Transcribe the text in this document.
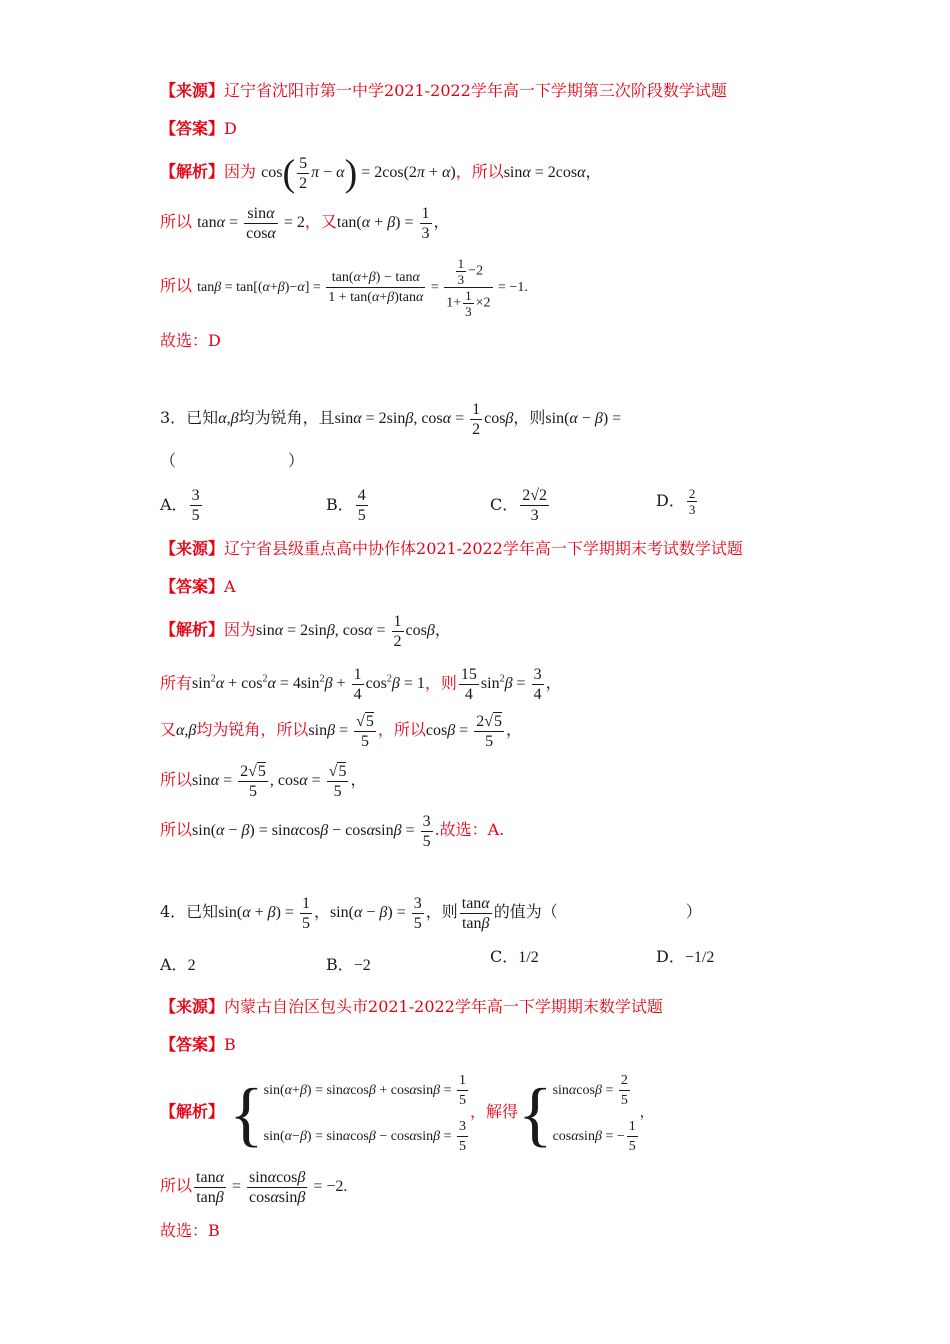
【来源】辽宁省沈阳市第一中学2021-2022学年高一下学期第三次阶段数学试题
【答案】D
【解析】因为 $\cos( \frac{5}{2}$ π − α) = 2cos(2π + α)，所以sinα = 2cosα，
所以 $\tan\alpha = \frac{\sin\alpha}{\cos\alpha} = 2$，又$\tan(\alpha + \beta) = \frac{1}{3}$ ，
所以 $\tan\beta = \tan[(\alpha+\beta)-\alpha] = \frac{\tan(\alpha+\beta) - \tan\alpha}{1 + \tan(\alpha+\beta)\tan\alpha} = \frac{\frac{1}{3} -2}{1+ \frac{1}{3} \times 2} = -1$.
故选：D
3．已知α,β均为锐角，且sinα = 2sinβ, $\cos\alpha = \frac{1}{2}$ cosβ，则sin(α − β) =
（　　　　　　　）
A． $\frac{3}{5}$	B． $\frac{4}{5}$	C． $\frac{2√2}{3}$	D． $\frac{2}{3}$
【来源】辽宁省县级重点高中协作体2021-2022学年高一下学期期末考试数学试题
【答案】A
【解析】因为sinα = 2sinβ, $\cos\alpha = \frac{1}{2}$ cosβ，
所有$\sin^2\alpha + \cos^2\alpha = 4\sin^2\beta + \frac{1}{4} \cos^2\beta = 1$，则 $\frac{15}{4} \sin^2\beta = \frac{3}{4}$ ，
又α,β均为锐角，所以$\sin\beta = \frac{√5}{5}$ ，所以$\cos\beta = \frac{2√5}{5}$ ，
所以$\sin\alpha = \frac{2√5}{5}$ , $\cos\alpha = \frac{√5}{5}$ ，
所以$\sin(\alpha - \beta) = \sin\alpha\cos\beta - \cos\alpha\sin\beta = \frac{3}{5}$ .故选：A.
4．已知$\sin(\alpha + \beta) = \frac{1}{5}$ ，$\sin(\alpha - \beta) = \frac{3}{5}$ ，则 $\frac{\tan\alpha}{\tan\beta}$ 的值为（　　　　　　　　）
A．2	B．−2	C．1/2	D．−1/2
【来源】内蒙古自治区包头市2021-2022学年高一下学期期末数学试题
【答案】B
【解析】 { $\sin(\alpha+\beta) = \sin\alpha\cos\beta + \cos\alpha\sin\beta = \frac{1}{5}$
$\sin(\alpha-\beta) = \sin\alpha\cos\beta - \cos\alpha\sin\beta = \frac{3}{5}$
，解得{ $\sin\alpha\cos\beta = \frac{2}{5}$
cosαsinβ = − $\frac{1}{5}$
，
所以 $\frac{\tan\alpha}{\tan\beta} = \frac{\sin\alpha\cos\beta}{\cos\alpha\sin\beta} = -2$.
故选：B
